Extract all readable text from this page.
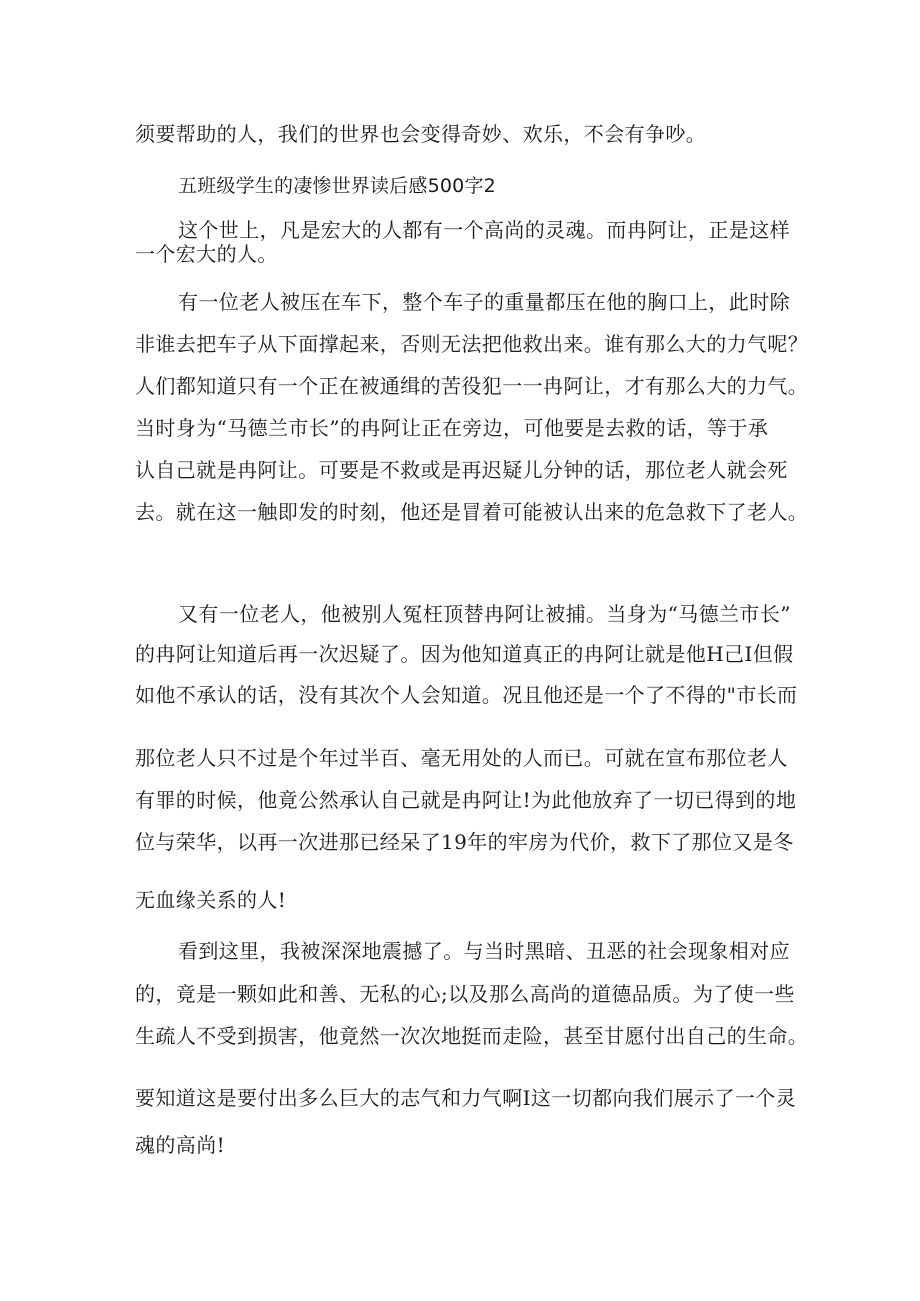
须要帮助的人，我们的世界也会变得奇妙、欢乐，不会有争吵。
五班级学生的凄惨世界读后感500字2
这个世上，凡是宏大的人都有一个高尚的灵魂。而冉阿让，正是这样
一个宏大的人。
有一位老人被压在车下，整个车子的重量都压在他的胸口上，此时除
非谁去把车子从下面撑起来，否则无法把他救出来。谁有那么大的力气呢？
人们都知道只有一个正在被通缉的苦役犯一一冉阿让，才有那么大的力气。
当时身为“马德兰市长”的冉阿让正在旁边，可他要是去救的话，等于承
认自己就是冉阿让。可要是不救或是再迟疑儿分钟的话，那位老人就会死
去。就在这一触即发的时刻，他还是冒着可能被认出来的危急救下了老人。
又有一位老人，他被别人冤枉顶替冉阿让被捕。当身为“马德兰市长”
的冉阿让知道后再一次迟疑了。因为他知道真正的冉阿让就是他H己I但假
如他不承认的话，没有其次个人会知道。况且他还是一个了不得的"市长而
那位老人只不过是个年过半百、毫无用处的人而已。可就在宣布那位老人
有罪的时候，他竟公然承认自己就是冉阿让!为此他放弃了一切已得到的地
位与荣华，以再一次进那已经呆了19年的牢房为代价，救下了那位又是冬
无血缘关系的人!
看到这里，我被深深地震撼了。与当时黑暗、丑恶的社会现象相对应
的，竟是一颗如此和善、无私的心;以及那么高尚的道德品质。为了使一些
生疏人不受到损害，他竟然一次次地挺而走险，甚至甘愿付出自己的生命。
要知道这是要付出多么巨大的志气和力气啊I这一切都向我们展示了一个灵
魂的高尚!
